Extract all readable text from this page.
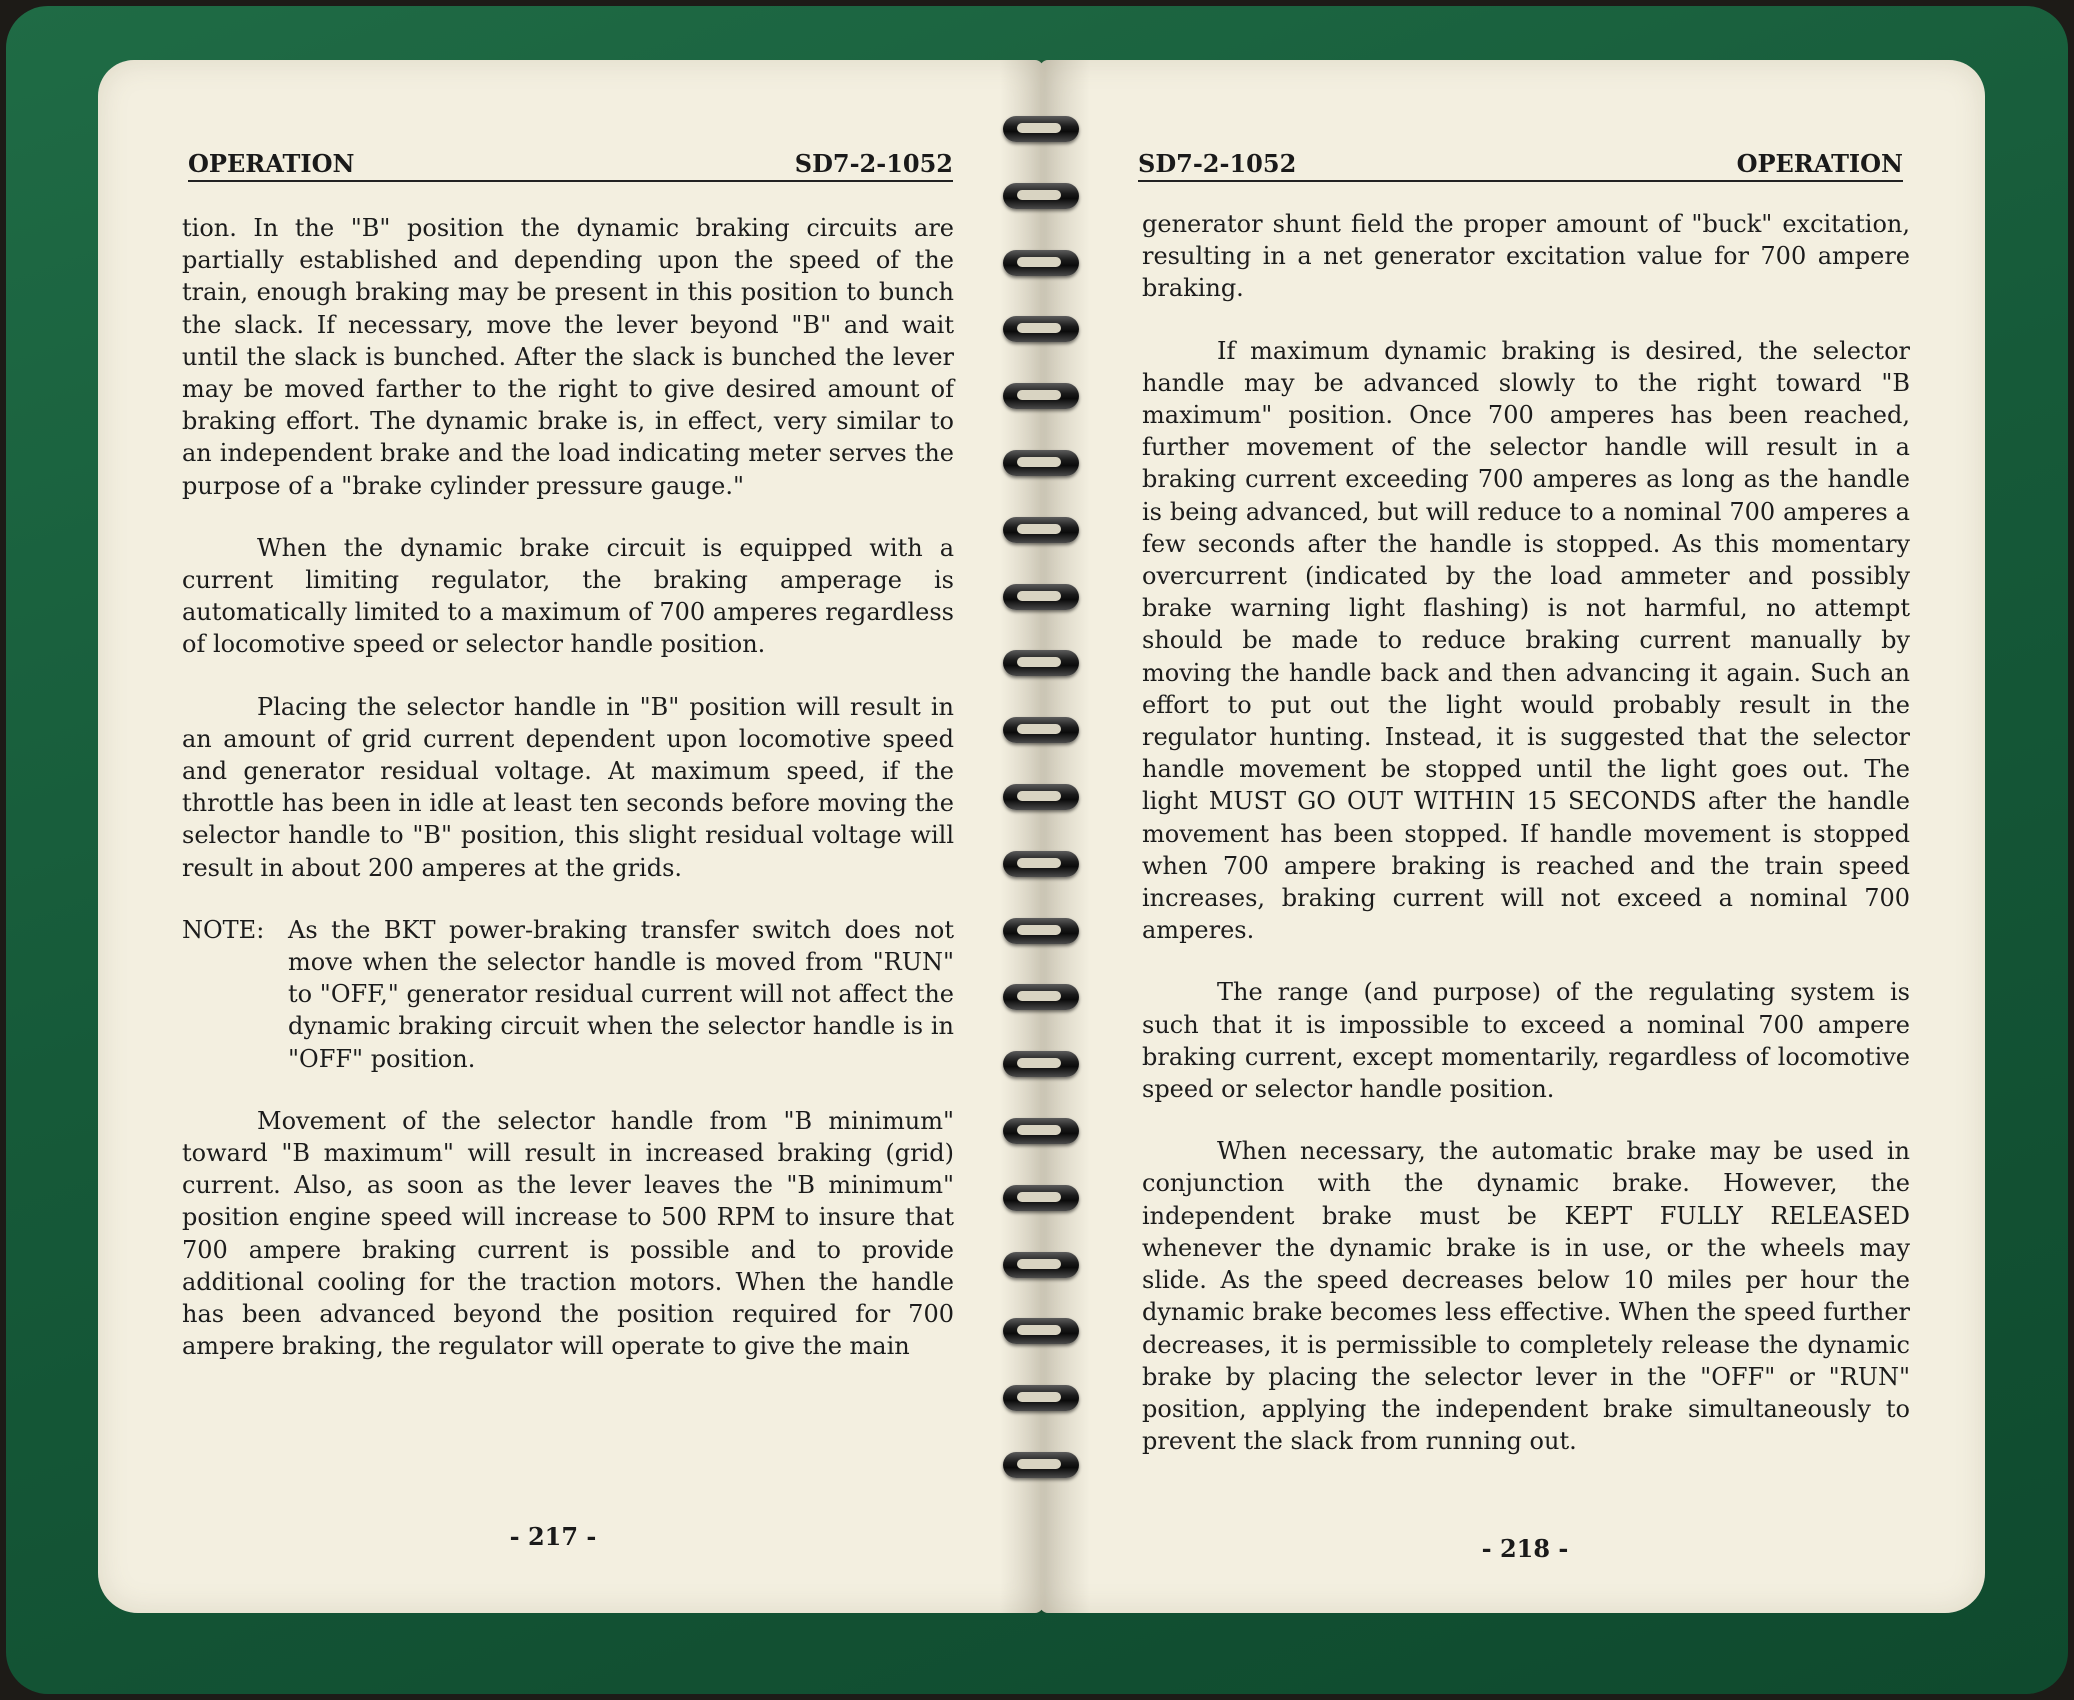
OPERATION	SD7-2-1052

tion. In the "B" position the dynamic braking circuits are partially established and depending upon the speed of the train, enough braking may be present in this position to bunch the slack. If necessary, move the lever beyond "B" and wait until the slack is bunched. After the slack is bunched the lever may be moved farther to the right to give desired amount of braking effort. The dynamic brake is, in effect, very similar to an independent brake and the load indicating meter serves the purpose of a "brake cylinder pressure gauge."

When the dynamic brake circuit is equipped with a current limiting regulator, the braking amperage is automatically limited to a maximum of 700 amperes regardless of locomotive speed or selector handle position.

Placing the selector handle in "B" position will result in an amount of grid current dependent upon locomotive speed and generator residual voltage. At maximum speed, if the throttle has been in idle at least ten seconds before moving the selector handle to "B" position, this slight residual voltage will result in about 200 amperes at the grids.

NOTE: As the BKT power-braking transfer switch does not move when the selector handle is moved from "RUN" to "OFF," generator residual current will not affect the dynamic braking circuit when the selector handle is in "OFF" position.

Movement of the selector handle from "B minimum" toward "B maximum" will result in increased braking (grid) current. Also, as soon as the lever leaves the "B minimum" position engine speed will increase to 500 RPM to insure that 700 ampere braking current is possible and to provide additional cooling for the traction motors. When the handle has been advanced beyond the position required for 700 ampere braking, the regulator will operate to give the main

- 217 -
SD7-2-1052	OPERATION

generator shunt field the proper amount of "buck" excitation, resulting in a net generator excitation value for 700 ampere braking.

If maximum dynamic braking is desired, the selector handle may be advanced slowly to the right toward "B maximum" position. Once 700 amperes has been reached, further movement of the selector handle will result in a braking current exceeding 700 amperes as long as the handle is being advanced, but will reduce to a nominal 700 amperes a few seconds after the handle is stopped. As this momentary overcurrent (indicated by the load ammeter and possibly brake warning light flashing) is not harmful, no attempt should be made to reduce braking current manually by moving the handle back and then advancing it again. Such an effort to put out the light would probably result in the regulator hunting. Instead, it is suggested that the selector handle movement be stopped until the light goes out. The light MUST GO OUT WITHIN 15 SECONDS after the handle movement has been stopped. If handle movement is stopped when 700 ampere braking is reached and the train speed increases, braking current will not exceed a nominal 700 amperes.

The range (and purpose) of the regulating system is such that it is impossible to exceed a nominal 700 ampere braking current, except momentarily, regardless of locomotive speed or selector handle position.

When necessary, the automatic brake may be used in conjunction with the dynamic brake. However, the independent brake must be KEPT FULLY RELEASED whenever the dynamic brake is in use, or the wheels may slide. As the speed decreases below 10 miles per hour the dynamic brake becomes less effective. When the speed further decreases, it is permissible to completely release the dynamic brake by placing the selector lever in the "OFF" or "RUN" position, applying the independent brake simultaneously to prevent the slack from running out.

- 218 -
